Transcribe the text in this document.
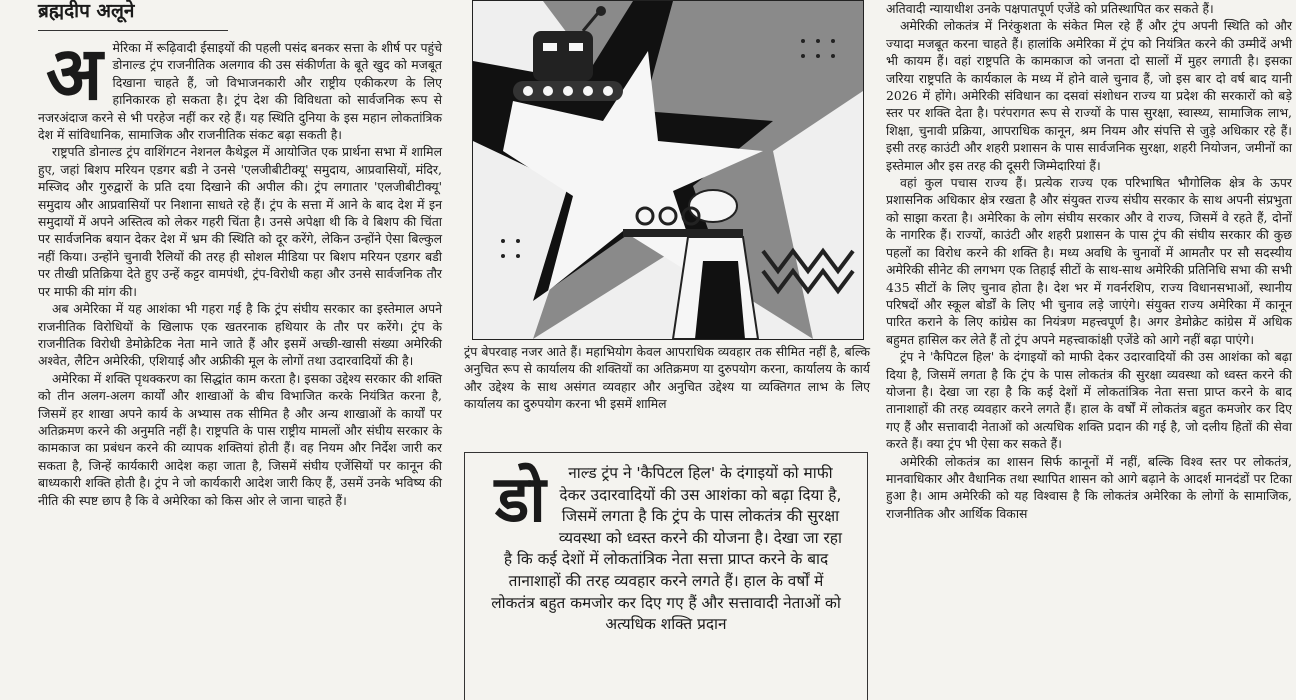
ब्रह्मदीप अलूने
अ मेरिका में रूढ़िवादी ईसाइयों की पहली पसंद बनकर सत्ता के शीर्ष पर पहुंचे डोनाल्ड ट्रंप राजनीतिक अलगाव की उस संकीर्णता के बूते खुद को मजबूत दिखाना चाहते हैं, जो विभाजनकारी और राष्ट्रीय एकीकरण के लिए हानिकारक हो सकता है। ट्रंप देश की विविधता को सार्वजनिक रूप से नजरअंदाज करने से भी परहेज नहीं कर रहे हैं। यह स्थिति दुनिया के इस महान लोकतांत्रिक देश में सांविधानिक, सामाजिक और राजनीतिक संकट बढ़ा सकती है।

राष्ट्रपति डोनाल्ड ट्रंप वाशिंगटन नेशनल कैथेड्रल में आयोजित एक प्रार्थना सभा में शामिल हुए, जहां बिशप मरियन एडगर बडी ने उनसे 'एलजीबीटीक्यू' समुदाय, आप्रवासियों, मंदिर, मस्जिद और गुरुद्वारों के प्रति दया दिखाने की अपील की। ट्रंप लगातार 'एलजीबीटीक्यू' समुदाय और आप्रवासियों पर निशाना साधते रहे हैं। ट्रंप के सत्ता में आने के बाद देश में इन समुदायों में अपने अस्तित्व को लेकर गहरी चिंता है। उनसे अपेक्षा थी कि वे बिशप की चिंता पर सार्वजनिक बयान देकर देश में भ्रम की स्थिति को दूर करेंगे, लेकिन उन्होंने ऐसा बिल्कुल नहीं किया। उन्होंने चुनावी रैलियों की तरह ही सोशल मीडिया पर बिशप मरियन एडगर बडी पर तीखी प्रतिक्रिया देते हुए उन्हें कट्टर वामपंथी, ट्रंप-विरोधी कहा और उनसे सार्वजनिक तौर पर माफी की मांग की।

अब अमेरिका में यह आशंका भी गहरा गई है कि ट्रंप संघीय सरकार का इस्तेमाल अपने राजनीतिक विरोधियों के खिलाफ एक खतरनाक हथियार के तौर पर करेंगे। ट्रंप के राजनीतिक विरोधी डेमोक्रेटिक नेता माने जाते हैं और इसमें अच्छी-खासी संख्या अमेरिकी अश्वेत, लैटिन अमेरिकी, एशियाई और अफ्रीकी मूल के लोगों तथा उदारवादियों की है।

अमेरिका में शक्ति पृथक्करण का सिद्धांत काम करता है। इसका उद्देश्य सरकार की शक्ति को तीन अलग-अलग कार्यों और शाखाओं के बीच विभाजित करके नियंत्रित करना है, जिसमें हर शाखा अपने कार्य के अभ्यास तक सीमित है और अन्य शाखाओं के कार्यों पर अतिक्रमण करने की अनुमति नहीं है। राष्ट्रपति के पास राष्ट्रीय मामलों और संघीय सरकार के कामकाज का प्रबंधन करने की व्यापक शक्तियां होती हैं। वह नियम और निर्देश जारी कर सकता है, जिन्हें कार्यकारी आदेश कहा जाता है, जिसमें संघीय एजेंसियों पर कानून की बाध्यकारी शक्ति होती है। ट्रंप ने जो कार्यकारी आदेश जारी किए हैं, उसमें उनके भविष्य की नीति की स्पष्ट छाप है कि वे अमेरिका को किस ओर ले जाना चाहते हैं।

ट्रंप बेपरवाह नजर आते हैं। महाभियोग केवल आपराधिक व्यवहार तक सीमित नहीं है, बल्कि अनुचित रूप से कार्यालय की शक्तियों का अतिक्रमण या दुरुपयोग करना, कार्यालय के कार्य और उद्देश्य के साथ असंगत व्यवहार और अनुचित उद्देश्य या व्यक्तिगत लाभ के लिए कार्यालय का दुरुपयोग करना भी इसमें शामिल

डो	नाल्ड ट्रंप ने 'कैपिटल हिल' के दंगाइयों को माफी देकर उदारवादियों की उस आशंका को बढ़ा दिया है, जिसमें लगता है कि ट्रंप के पास लोकतंत्र की सुरक्षा व्यवस्था को ध्वस्त करने की योजना है। देखा जा रहा है कि कई देशों में लोकतांत्रिक नेता सत्ता प्राप्त करने के बाद तानाशाहों की तरह व्यवहार करने लगते हैं। हाल के वर्षों में लोकतंत्र बहुत कमजोर कर दिए गए हैं और सत्तावादी नेताओं को अत्यधिक शक्ति प्रदान

अतिवादी न्यायाधीश उनके पक्षपातपूर्ण एजेंडे को प्रतिस्थापित कर सकते हैं।

अमेरिकी लोकतंत्र में निरंकुशता के संकेत मिल रहे हैं और ट्रंप अपनी स्थिति को और ज्यादा मजबूत करना चाहते हैं। हालांकि अमेरिका में ट्रंप को नियंत्रित करने की उम्मीदें अभी भी कायम हैं। वहां राष्ट्रपति के कामकाज को जनता दो सालों में मुहर लगाती है। इसका जरिया राष्ट्रपति के कार्यकाल के मध्य में होने वाले चुनाव हैं, जो इस बार दो वर्ष बाद यानी 2026 में होंगे। अमेरिकी संविधान का दसवां संशोधन राज्य या प्रदेश की सरकारों को बड़े स्तर पर शक्ति देता है। परंपरागत रूप से राज्यों के पास सुरक्षा, स्वास्थ्य, सामाजिक लाभ, शिक्षा, चुनावी प्रक्रिया, आपराधिक कानून, श्रम नियम और संपत्ति से जुड़े अधिकार रहे हैं। इसी तरह काउंटी और शहरी प्रशासन के पास सार्वजनिक सुरक्षा, शहरी नियोजन, जमीनों का इस्तेमाल और इस तरह की दूसरी जिम्मेदारियां हैं।

वहां कुल पचास राज्य हैं। प्रत्येक राज्य एक परिभाषित भौगोलिक क्षेत्र के ऊपर प्रशासनिक अधिकार क्षेत्र रखता है और संयुक्त राज्य संघीय सरकार के साथ अपनी संप्रभुता को साझा करता है। अमेरिका के लोग संघीय सरकार और वे राज्य, जिसमें वे रहते हैं, दोनों के नागरिक हैं। राज्यों, काउंटी और शहरी प्रशासन के पास ट्रंप की संघीय सरकार की कुछ पहलों का विरोध करने की शक्ति है। मध्य अवधि के चुनावों में आमतौर पर सौ सदस्यीय अमेरिकी सीनेट की लगभग एक तिहाई सीटों के साथ-साथ अमेरिकी प्रतिनिधि सभा की सभी 435 सीटों के लिए चुनाव होता है। देश भर में गवर्नरशिप, राज्य विधानसभाओं, स्थानीय परिषदों और स्कूल बोर्डों के लिए भी चुनाव लड़े जाएंगे। संयुक्त राज्य अमेरिका में कानून पारित कराने के लिए कांग्रेस का नियंत्रण महत्त्वपूर्ण है। अगर डेमोक्रेट कांग्रेस में अधिक बहुमत हासिल कर लेते हैं तो ट्रंप अपने महत्त्वाकांक्षी एजेंडे को आगे नहीं बढ़ा पाएंगे।

ट्रंप ने 'कैपिटल हिल' के दंगाइयों को माफी देकर उदारवादियों की उस आशंका को बढ़ा दिया है, जिसमें लगता है कि ट्रंप के पास लोकतंत्र की सुरक्षा व्यवस्था को ध्वस्त करने की योजना है। देखा जा रहा है कि कई देशों में लोकतांत्रिक नेता सत्ता प्राप्त करने के बाद तानाशाहों की तरह व्यवहार करने लगते हैं। हाल के वर्षों में लोकतंत्र बहुत कमजोर कर दिए गए हैं और सत्तावादी नेताओं को अत्यधिक शक्ति प्रदान की गई है, जो दलीय हितों की सेवा करते हैं। क्या ट्रंप भी ऐसा कर सकते हैं।

अमेरिकी लोकतंत्र का शासन सिर्फ कानूनों में नहीं, बल्कि विश्व स्तर पर लोकतंत्र, मानवाधिकार और वैधानिक तथा स्थापित शासन को आगे बढ़ाने के आदर्श मानदंडों पर टिका हुआ है। आम अमेरिकी को यह विश्वास है कि लोकतंत्र अमेरिका के लोगों के सामाजिक, राजनीतिक और आर्थिक विकास
